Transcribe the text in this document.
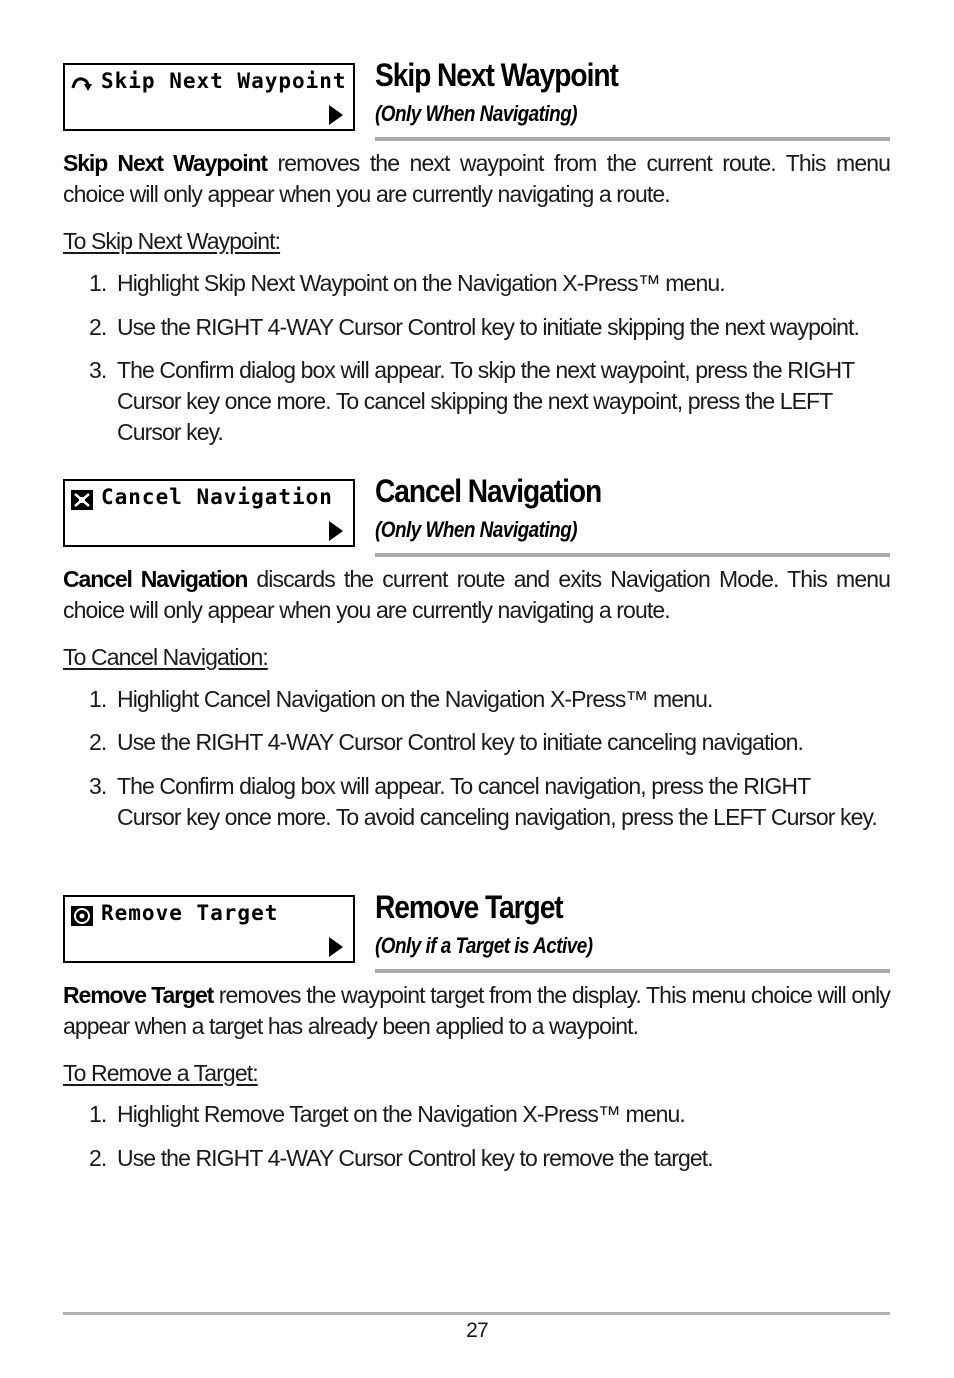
Skip Next Waypoint Skip Next Waypoint
(Only When Navigating)

Skip Next Waypoint removes the next waypoint from the current route. This menu choice will only appear when you are currently navigating a route.

To Skip Next Waypoint:

1. Highlight Skip Next Waypoint on the Navigation X-Press™ menu.
2. Use the RIGHT 4-WAY Cursor Control key to initiate skipping the next waypoint.
3. The Confirm dialog box will appear. To skip the next waypoint, press the RIGHT Cursor key once more. To cancel skipping the next waypoint, press the LEFT Cursor key.
Cancel Navigation Cancel Navigation
(Only When Navigating)

Cancel Navigation discards the current route and exits Navigation Mode. This menu choice will only appear when you are currently navigating a route.

To Cancel Navigation:

1. Highlight Cancel Navigation on the Navigation X-Press™ menu.
2. Use the RIGHT 4-WAY Cursor Control key to initiate canceling navigation.
3. The Confirm dialog box will appear. To cancel navigation, press the RIGHT Cursor key once more. To avoid canceling navigation, press the LEFT Cursor key.
Remove Target	Remove Target
(Only if a Target is Active)

Remove Target removes the waypoint target from the display. This menu choice will only appear when a target has already been applied to a waypoint.

To Remove a Target:

1. Highlight Remove Target on the Navigation X-Press™ menu.
2. Use the RIGHT 4-WAY Cursor Control key to remove the target.
27
